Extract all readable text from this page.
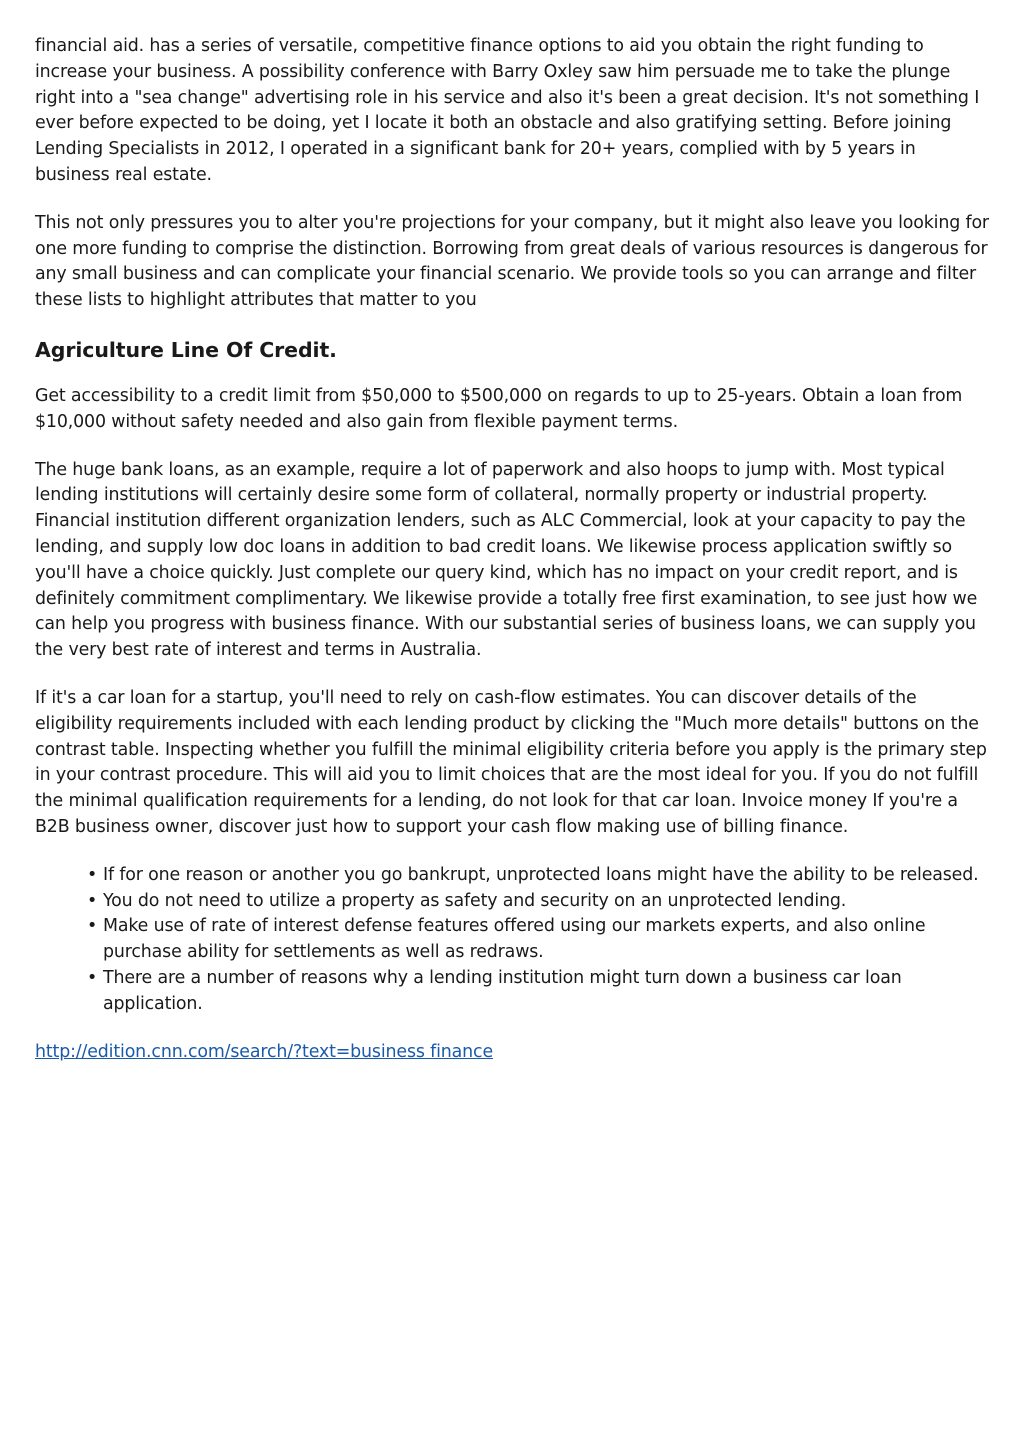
financial aid. has a series of versatile, competitive finance options to aid you obtain the right funding to increase your business. A possibility conference with Barry Oxley saw him persuade me to take the plunge right into a "sea change" advertising role in his service and also it's been a great decision. It's not something I ever before expected to be doing, yet I locate it both an obstacle and also gratifying setting. Before joining Lending Specialists in 2012, I operated in a significant bank for 20+ years, complied with by 5 years in business real estate.

This not only pressures you to alter you're projections for your company, but it might also leave you looking for one more funding to comprise the distinction. Borrowing from great deals of various resources is dangerous for any small business and can complicate your financial scenario. We provide tools so you can arrange and filter these lists to highlight attributes that matter to you

Agriculture Line Of Credit.

Get accessibility to a credit limit from $50,000 to $500,000 on regards to up to 25-years. Obtain a loan from $10,000 without safety needed and also gain from flexible payment terms.

The huge bank loans, as an example, require a lot of paperwork and also hoops to jump with. Most typical lending institutions will certainly desire some form of collateral, normally property or industrial property. Financial institution different organization lenders, such as ALC Commercial, look at your capacity to pay the lending, and supply low doc loans in addition to bad credit loans. We likewise process application swiftly so you'll have a choice quickly. Just complete our query kind, which has no impact on your credit report, and is definitely commitment complimentary. We likewise provide a totally free first examination, to see just how we can help you progress with business finance. With our substantial series of business loans, we can supply you the very best rate of interest and terms in Australia.

If it's a car loan for a startup, you'll need to rely on cash-flow estimates. You can discover details of the eligibility requirements included with each lending product by clicking the "Much more details" buttons on the contrast table. Inspecting whether you fulfill the minimal eligibility criteria before you apply is the primary step in your contrast procedure. This will aid you to limit choices that are the most ideal for you. If you do not fulfill the minimal qualification requirements for a lending, do not look for that car loan. Invoice money If you're a B2B business owner, discover just how to support your cash flow making use of billing finance.

• If for one reason or another you go bankrupt, unprotected loans might have the ability to be released.
• You do not need to utilize a property as safety and security on an unprotected lending.
• Make use of rate of interest defense features offered using our markets experts, and also online purchase ability for settlements as well as redraws.
• There are a number of reasons why a lending institution might turn down a business car loan application.
http://edition.cnn.com/search/?text=business finance
